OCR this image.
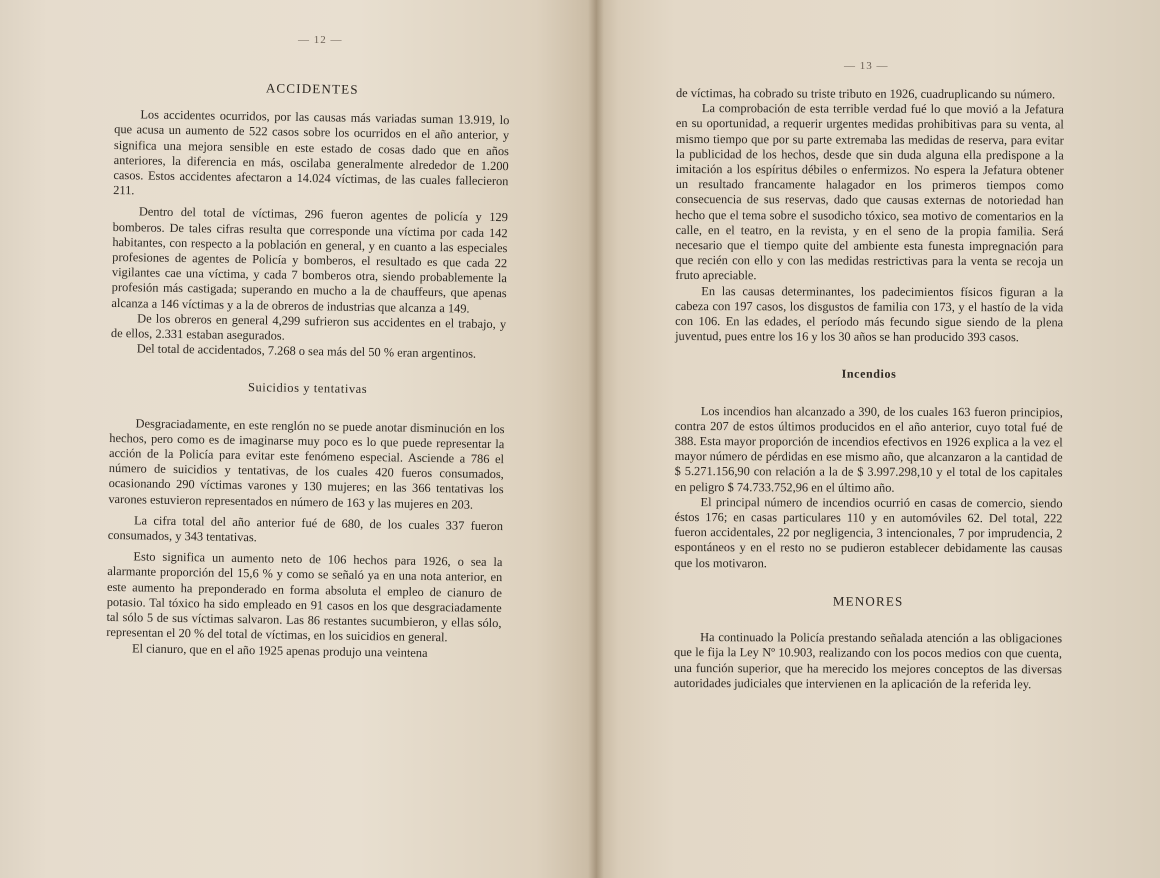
— 12 —
— 13 —

ACCIDENTES

Los accidentes ocurridos, por las causas más variadas suman 13.919, lo que acusa un aumento de 522 casos sobre los ocurridos en el año anterior, y significa una mejora sensible en este estado de cosas dado que en años anteriores, la diferencia en más, oscilaba generalmente alrededor de 1.200 casos. Estos accidentes afectaron a 14.024 víctimas, de las cuales fallecieron 211.

Dentro del total de víctimas, 296 fueron agentes de policía y 129 bomberos. De tales cifras resulta que corresponde una víctima por cada 142 habitantes, con respecto a la población en general, y en cuanto a las especiales profesiones de agentes de Policía y bomberos, el resultado es que cada 22 vigilantes cae una víctima, y cada 7 bomberos otra, siendo probablemente la profesión más castigada; superando en mucho a la de chauffeurs, que apenas alcanza a 146 víctimas y a la de obreros de industrias que alcanza a 149.

De los obreros en general 4,299 sufrieron sus accidentes en el trabajo, y de ellos, 2.331 estaban asegurados.

Del total de accidentados, 7.268 o sea más del 50 % eran argentinos.

Suicidios y tentativas

Desgraciadamente, en este renglón no se puede anotar disminución en los hechos, pero como es de imaginarse muy poco es lo que puede representar la acción de la Policía para evitar este fenómeno especial. Asciende a 786 el número de suicidios y tentativas, de los cuales 420 fueros consumados, ocasionando 290 víctimas varones y 130 mujeres; en las 366 tentativas los varones estuvieron representados en número de 163 y las mujeres en 203.

La cifra total del año anterior fué de 680, de los cuales 337 fueron consumados, y 343 tentativas.

Esto significa un aumento neto de 106 hechos para 1926, o sea la alarmante proporción del 15,6 % y como se señaló ya en una nota anterior, en este aumento ha preponderado en forma absoluta el empleo de cianuro de potasio. Tal tóxico ha sido empleado en 91 casos en los que desgraciadamente tal sólo 5 de sus víctimas salvaron. Las 86 restantes sucumbieron, y ellas sólo, representan el 20 % del total de víctimas, en los suicidios en general.

El cianuro, que en el año 1925 apenas produjo una veintena

de víctimas, ha cobrado su triste tributo en 1926, cuadruplicando su número.

La comprobación de esta terrible verdad fué lo que movió a la Jefatura en su oportunidad, a requerir urgentes medidas prohibitivas para su venta, al mismo tiempo que por su parte extremaba las medidas de reserva, para evitar la publicidad de los hechos, desde que sin duda alguna ella predispone a la imitación a los espíritus débiles o enfermizos. No espera la Jefatura obtener un resultado francamente halagador en los primeros tiempos como consecuencia de sus reservas, dado que causas externas de notoriedad han hecho que el tema sobre el susodicho tóxico, sea motivo de comentarios en la calle, en el teatro, en la revista, y en el seno de la propia familia. Será necesario que el tiempo quite del ambiente esta funesta impregnación para que recién con ello y con las medidas restrictivas para la venta se recoja un fruto apreciable.

En las causas determinantes, los padecimientos físicos figuran a la cabeza con 197 casos, los disgustos de familia con 173, y el hastío de la vida con 106. En las edades, el período más fecundo sigue siendo de la plena juventud, pues entre los 16 y los 30 años se han producido 393 casos.

Incendios

Los incendios han alcanzado a 390, de los cuales 163 fueron principios, contra 207 de estos últimos producidos en el año anterior, cuyo total fué de 388. Esta mayor proporción de incendios efectivos en 1926 explica a la vez el mayor número de pérdidas en ese mismo año, que alcanzaron a la cantidad de $ 5.271.156,90 con relación a la de $ 3.997.298,10 y el total de los capitales en peligro $ 74.733.752,96 en el último año.

El principal número de incendios ocurrió en casas de comercio, siendo éstos 176; en casas particulares 110 y en automóviles 62. Del total, 222 fueron accidentales, 22 por negligencia, 3 intencionales, 7 por imprudencia, 2 espontáneos y en el resto no se pudieron establecer debidamente las causas que los motivaron.

MENORES

Ha continuado la Policía prestando señalada atención a las obligaciones que le fija la Ley Nº 10.903, realizando con los pocos medios con que cuenta, una función superior, que ha merecido los mejores conceptos de las diversas autoridades judiciales que intervienen en la aplicación de la referida ley.
